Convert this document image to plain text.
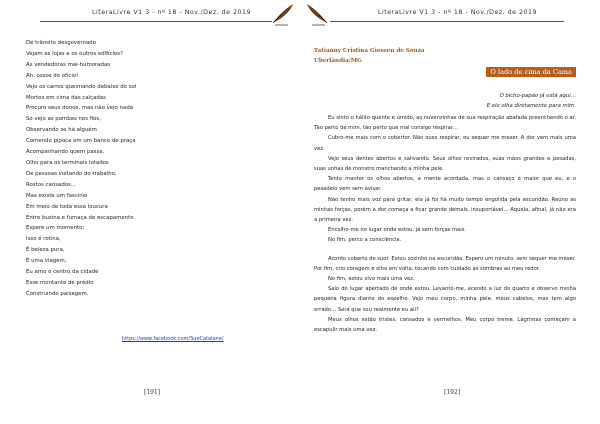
LiteraLivre V1 3 - nº 18 - Nov./Dez. de 2019
De trânsito desgovernado
Vejam as lojas e os outros edifícios?
As vendedoras mal-humoradas
Ah, ossos do ofício!
Vejo os carros queimando debaixo do sol
Mortos em cima das calçadas
Procuro seus donos, mas não vejo nada
Só vejo as pombas nos fios,
Observando se há alguém
Comendo pipoca em um banco de praça
Acompanhando quem passa.
Olho para os terminais lotados
De pessoas voltando do trabalho,
Rostos cansados…
Mas existe um fascínio
Em meio de toda essa loucura
Entre buzina e fumaça de escapamento
Espere um momento;
Isso é rotina,
É beleza pura,
É uma viagem,
Eu amo o centro da cidade
Esse montante de prédio
Construindo paisagem.
https://www.facebook.com/SueCatalane/
[191]
LiteraLivre V1 3 - nº 18 - Nov./Dez. de 2019
Tatianny Cristina Giossen de Souza
Uberlândia/MG
O lado de cima da Cama
O bicho-papão já está aqui…
E ele olha diretamente para mim.

Eu sinto o hálito quente e úmido, as nuvenzinhas de sua respiração abafada preenchendo o ar. Tão perto de mim, tão perto que mal consigo respirar…

Cubro-me mais com o cobertor. Não ouso respirar, ou sequer me mexer. A dor vem mais uma vez.

Vejo seus dentes abertos e salivando. Seus olhos revirados, suas mãos grandes e pesadas, suas unhas de monstro manchando a minha pele.

Tento manter os olhos abertos, a mente acordada, mas o cansaço é maior que eu, e o pesadelo vem sem avisar.

Não tenho mais voz para gritar, ela já foi há muito tempo engolida pela escuridão. Reúno as minhas forças, porém a dor começa a ficar grande demais, insuportável… Aquela, afinal, já não era a primeira vez.

Encolho-me no lugar onde estou, já sem forças mais.

No fim, perco a consciência.

Acordo coberto de suor. Estou sozinho na escuridão. Espero um minuto, sem sequer me mexer. Por fim, crio coragem e olho em volta, tocando com cuidado as sombras ao meu redor.

No fim, estou vivo mais uma vez.

Saio do lugar apertado de onde estou. Levanto-me, acendo a luz do quarto e observo minha pequena figura diante do espelho. Vejo meu corpo, minha pele, meus cabelos, mas tem algo errado… Será que sou realmente eu ali?

Meus olhos estão tristes, cansados e vermelhos. Meu corpo treme. Lágrimas começam a escapulir mais uma vez.

[192]
